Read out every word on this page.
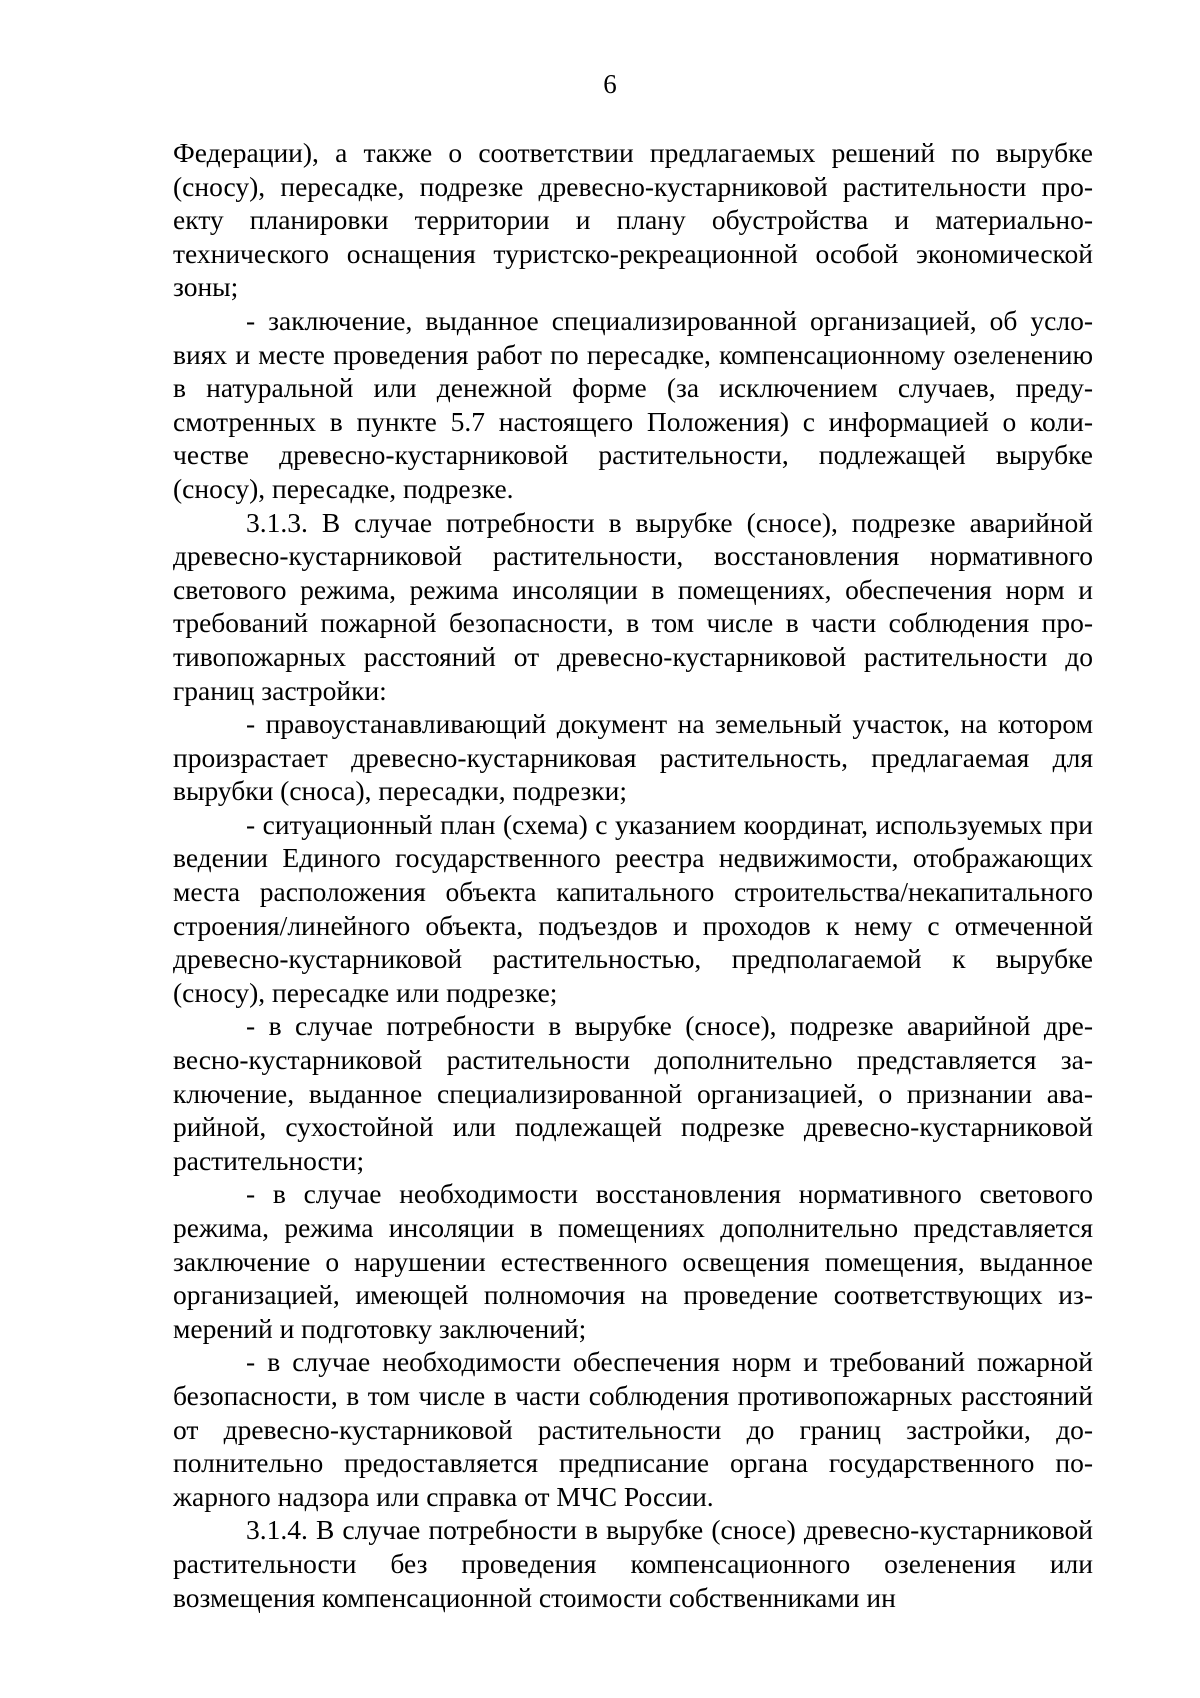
6

Федерации), а также о соответствии предлагаемых решений по вырубке (сносу), пересадке, подрезке древесно-кустарниковой растительности проекту планировки территории и плану обустройства и материально-технического оснащения туристско-рекреационной особой экономической зоны;

- заключение, выданное специализированной организацией, об условиях и месте проведения работ по пересадке, компенсационному озеленению в натуральной или денежной форме (за исключением случаев, предусмотренных в пункте 5.7 настоящего Положения) с информацией о количестве древесно-кустарниковой растительности, подлежащей вырубке (сносу), пересадке, подрезке.

3.1.3. В случае потребности в вырубке (сносе), подрезке аварийной древесно-кустарниковой растительности, восстановления нормативного светового режима, режима инсоляции в помещениях, обеспечения норм и требований пожарной безопасности, в том числе в части соблюдения противопожарных расстояний от древесно-кустарниковой растительности до границ застройки:

- правоустанавливающий документ на земельный участок, на котором произрастает древесно-кустарниковая растительность, предлагаемая для вырубки (сноса), пересадки, подрезки;

- ситуационный план (схема) с указанием координат, используемых при ведении Единого государственного реестра недвижимости, отображающих места расположения объекта капитального строительства/некапитального строения/линейного объекта, подъездов и проходов к нему с отмеченной древесно-кустарниковой растительностью, предполагаемой к вырубке (сносу), пересадке или подрезке;

- в случае потребности в вырубке (сносе), подрезке аварийной древесно-кустарниковой растительности дополнительно представляется заключение, выданное специализированной организацией, о признании аварийной, сухостойной или подлежащей подрезке древесно-кустарниковой растительности;

- в случае необходимости восстановления нормативного светового режима, режима инсоляции в помещениях дополнительно представляется заключение о нарушении естественного освещения помещения, выданное организацией, имеющей полномочия на проведение соответствующих измерений и подготовку заключений;

- в случае необходимости обеспечения норм и требований пожарной безопасности, в том числе в части соблюдения противопожарных расстояний от древесно-кустарниковой растительности до границ застройки, дополнительно предоставляется предписание органа государственного пожарного надзора или справка от МЧС России.

3.1.4. В случае потребности в вырубке (сносе) древесно-кустарниковой растительности без проведения компенсационного озеленения или возмещения компенсационной стоимости собственниками ин
